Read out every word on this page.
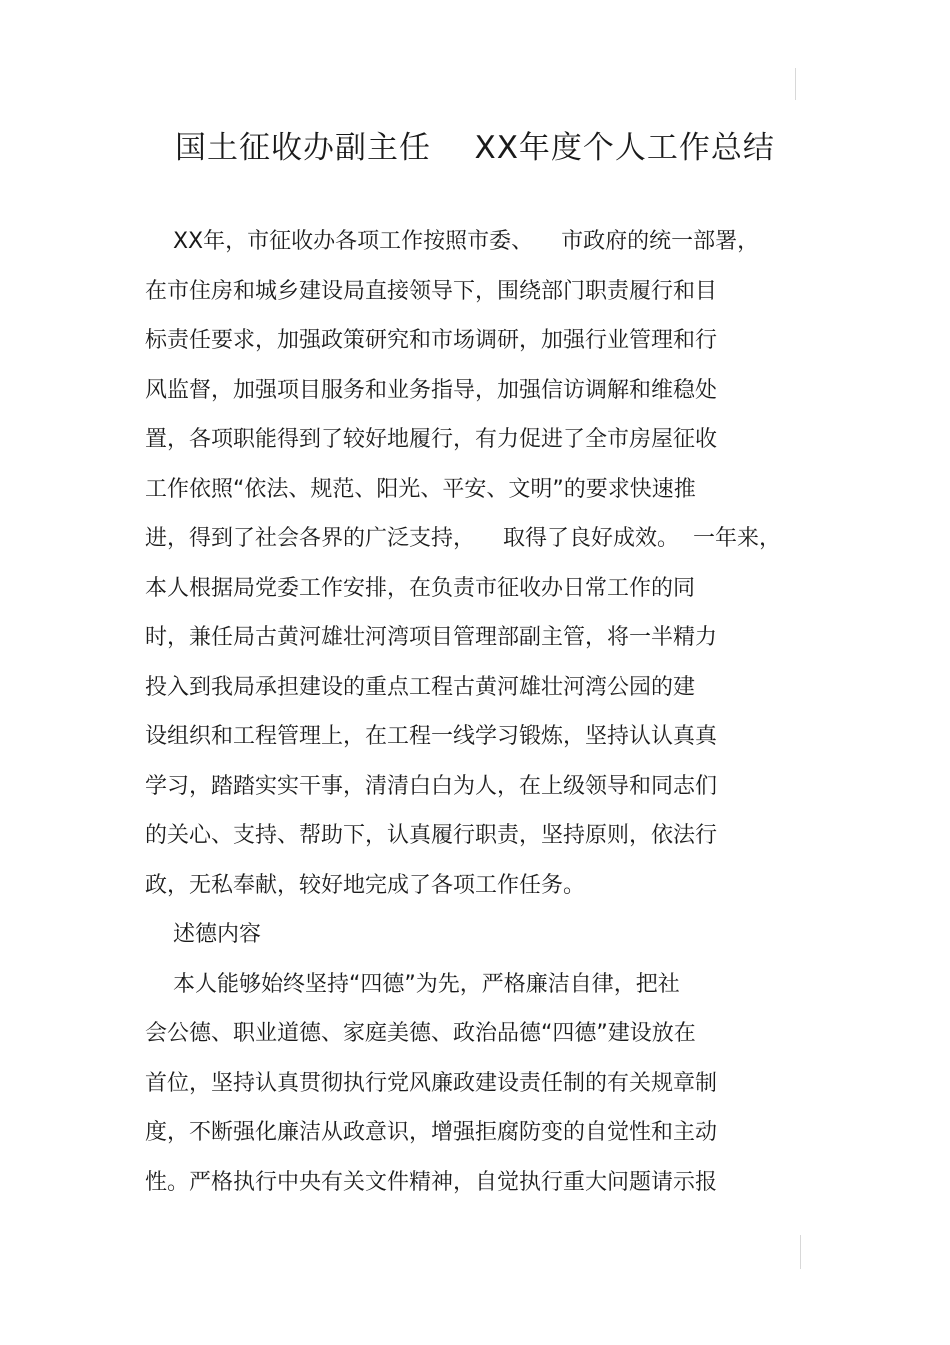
国土征收办副主任    XX年度个人工作总结
XX年，市征收办各项工作按照市委、    市政府的统一部署，
在市住房和城乡建设局直接领导下，围绕部门职责履行和目
标责任要求，加强政策研究和市场调研，加强行业管理和行
风监督，加强项目服务和业务指导，加强信访调解和维稳处
置，各项职能得到了较好地履行，有力促进了全市房屋征收
工作依照“依法、规范、阳光、平安、文明”的要求快速推
进，得到了社会各界的广泛支持，    取得了良好成效。  一年来，
本人根据局党委工作安排，在负责市征收办日常工作的同
时，兼任局古黄河雄壮河湾项目管理部副主管，将一半精力
投入到我局承担建设的重点工程古黄河雄壮河湾公园的建
设组织和工程管理上，在工程一线学习锻炼，坚持认认真真
学习，踏踏实实干事，清清白白为人，在上级领导和同志们
的关心、支持、帮助下，认真履行职责，坚持原则，依法行
政，无私奉献，较好地完成了各项工作任务。
述德内容
本人能够始终坚持“四德”为先，严格廉洁自律，把社
会公德、职业道德、家庭美德、政治品德“四德”建设放在
首位，坚持认真贯彻执行党风廉政建设责任制的有关规章制
度，不断强化廉洁从政意识，增强拒腐防变的自觉性和主动
性。严格执行中央有关文件精神，自觉执行重大问题请示报
